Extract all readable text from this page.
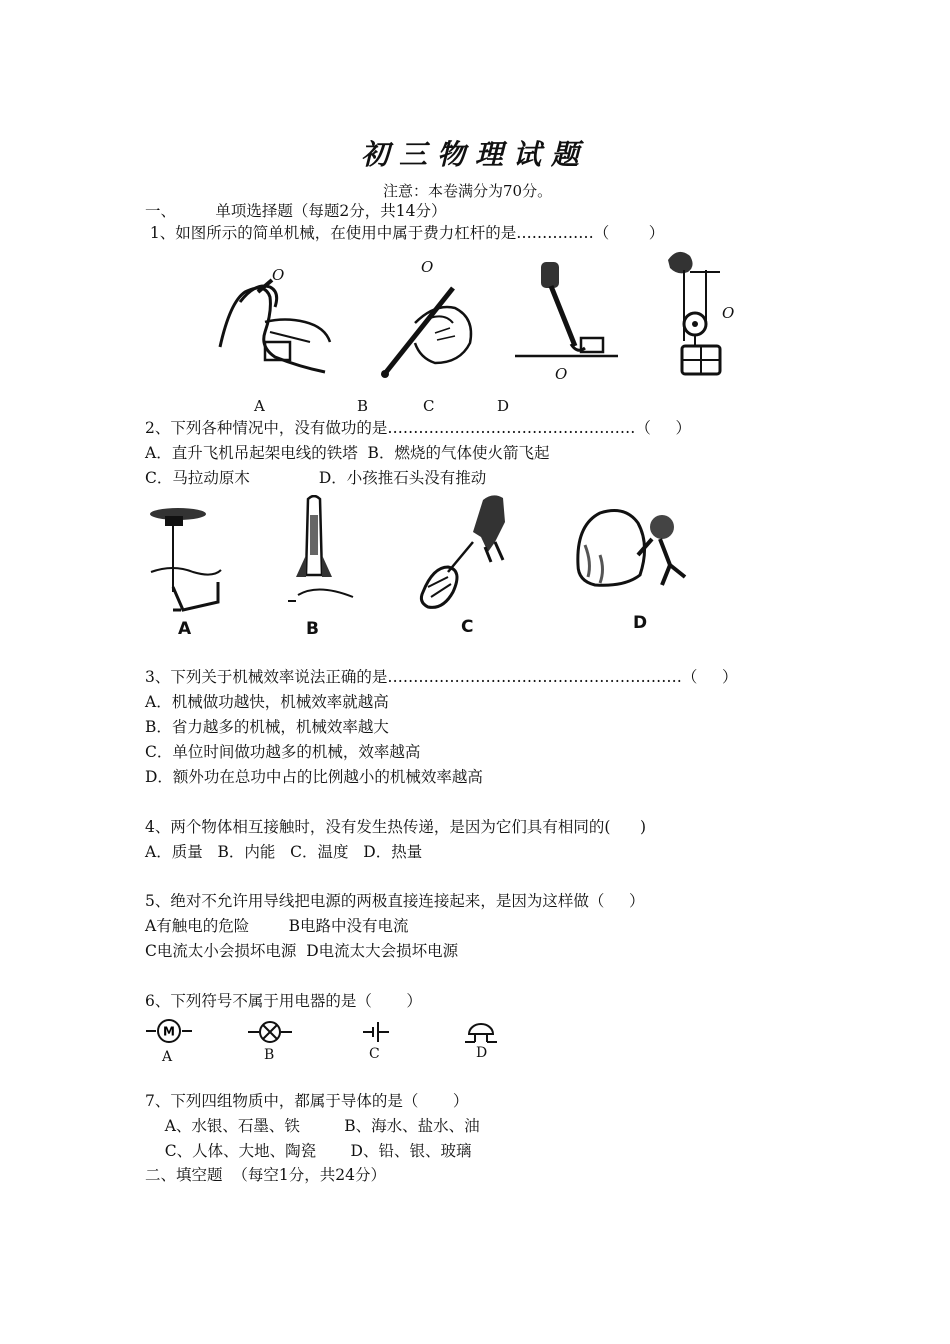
初三物理试题
注意：本卷满分为70分。
一、        单项选择题（每题2分，共14分）
1、如图所示的简单机械，在使用中属于费力杠杆的是……………（        ）
O	O
O
O
A	B	C	D
2、下列各种情况中，没有做功的是…………………………………………（     ）
A．直升飞机吊起架电线的铁塔  B．燃烧的气体使火箭飞起
C．马拉动原木              D．小孩推石头没有推动
A	B	C	D
3、下列关于机械效率说法正确的是…………………………………………………（     ）
A．机械做功越快，机械效率就越高
B．省力越多的机械，机械效率越大
C．单位时间做功越多的机械，效率越高
D．额外功在总功中占的比例越小的机械效率越高
4、两个物体相互接触时，没有发生热传递，是因为它们具有相同的(      )
A．质量   B．内能   C．温度   D．热量
5、绝对不允许用导线把电源的两极直接连接起来，是因为这样做（     ）
A有触电的危险        B电路中没有电流
C电流太小会损坏电源  D电流太大会损坏电源
6、下列符号不属于用电器的是（       ）
M
A	B	C	D
7、下列四组物质中，都属于导体的是（       ）
A、水银、石墨、铁         B、海水、盐水、油
C、人体、大地、陶瓷       D、铅、银、玻璃
二、填空题  （每空1分，共24分）
